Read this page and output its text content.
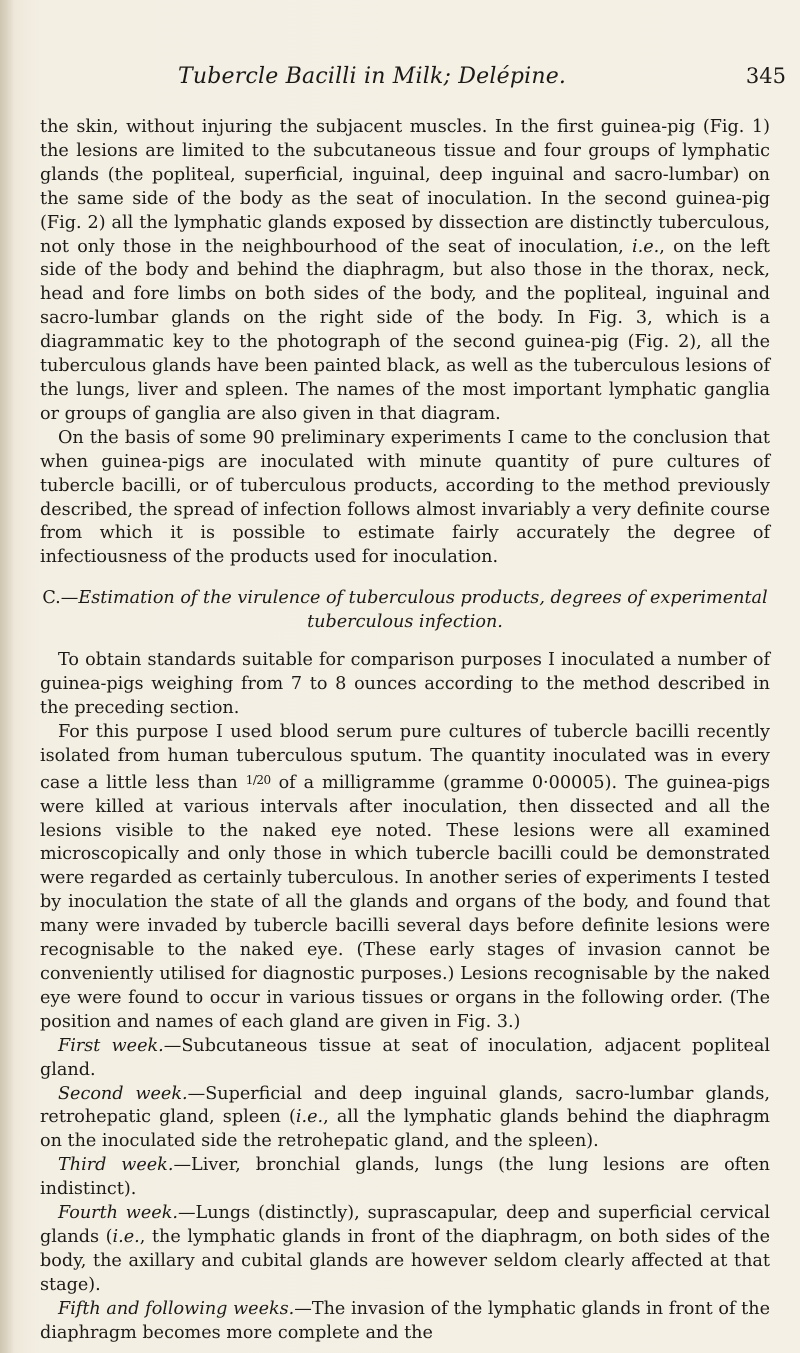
Tubercle Bacilli in Milk; Delépine.	345

the skin, without injuring the subjacent muscles. In the first guinea-pig (Fig. 1) the lesions are limited to the subcutaneous tissue and four groups of lymphatic glands (the popliteal, superficial, inguinal, deep inguinal and sacro-lumbar) on the same side of the body as the seat of inoculation. In the second guinea-pig (Fig. 2) all the lymphatic glands exposed by dissection are distinctly tuberculous, not only those in the neighbourhood of the seat of inoculation, i.e., on the left side of the body and behind the diaphragm, but also those in the thorax, neck, head and fore limbs on both sides of the body, and the popliteal, inguinal and sacro-lumbar glands on the right side of the body. In Fig. 3, which is a diagrammatic key to the photograph of the second guinea-pig (Fig. 2), all the tuberculous glands have been painted black, as well as the tuberculous lesions of the lungs, liver and spleen. The names of the most important lymphatic ganglia or groups of ganglia are also given in that diagram.

On the basis of some 90 preliminary experiments I came to the conclusion that when guinea-pigs are inoculated with minute quantity of pure cultures of tubercle bacilli, or of tuberculous products, according to the method previously described, the spread of infection follows almost invariably a very definite course from which it is possible to estimate fairly accurately the degree of infectiousness of the products used for inoculation.

C.—Estimation of the virulence of tuberculous products, degrees of experimental tuberculous infection.

To obtain standards suitable for comparison purposes I inoculated a number of guinea-pigs weighing from 7 to 8 ounces according to the method described in the preceding section.

For this purpose I used blood serum pure cultures of tubercle bacilli recently isolated from human tuberculous sputum. The quantity inoculated was in every case a little less than $^{1/20}$ of a milligramme (gramme 0·00005). The guinea-pigs were killed at various intervals after inoculation, then dissected and all the lesions visible to the naked eye noted. These lesions were all examined microscopically and only those in which tubercle bacilli could be demonstrated were regarded as certainly tuberculous. In another series of experiments I tested by inoculation the state of all the glands and organs of the body, and found that many were invaded by tubercle bacilli several days before definite lesions were recognisable to the naked eye. (These early stages of invasion cannot be conveniently utilised for diagnostic purposes.) Lesions recognisable by the naked eye were found to occur in various tissues or organs in the following order. (The position and names of each gland are given in Fig. 3.)

First week.—Subcutaneous tissue at seat of inoculation, adjacent popliteal gland.

Second week.—Superficial and deep inguinal glands, sacro-lumbar glands, retrohepatic gland, spleen (i.e., all the lymphatic glands behind the diaphragm on the inoculated side the retrohepatic gland, and the spleen).

Third week.—Liver, bronchial glands, lungs (the lung lesions are often indistinct).

Fourth week.—Lungs (distinctly), suprascapular, deep and superficial cervical glands (i.e., the lymphatic glands in front of the diaphragm, on both sides of the body, the axillary and cubital glands are however seldom clearly affected at that stage).

Fifth and following weeks.—The invasion of the lymphatic glands in front of the diaphragm becomes more complete and the
